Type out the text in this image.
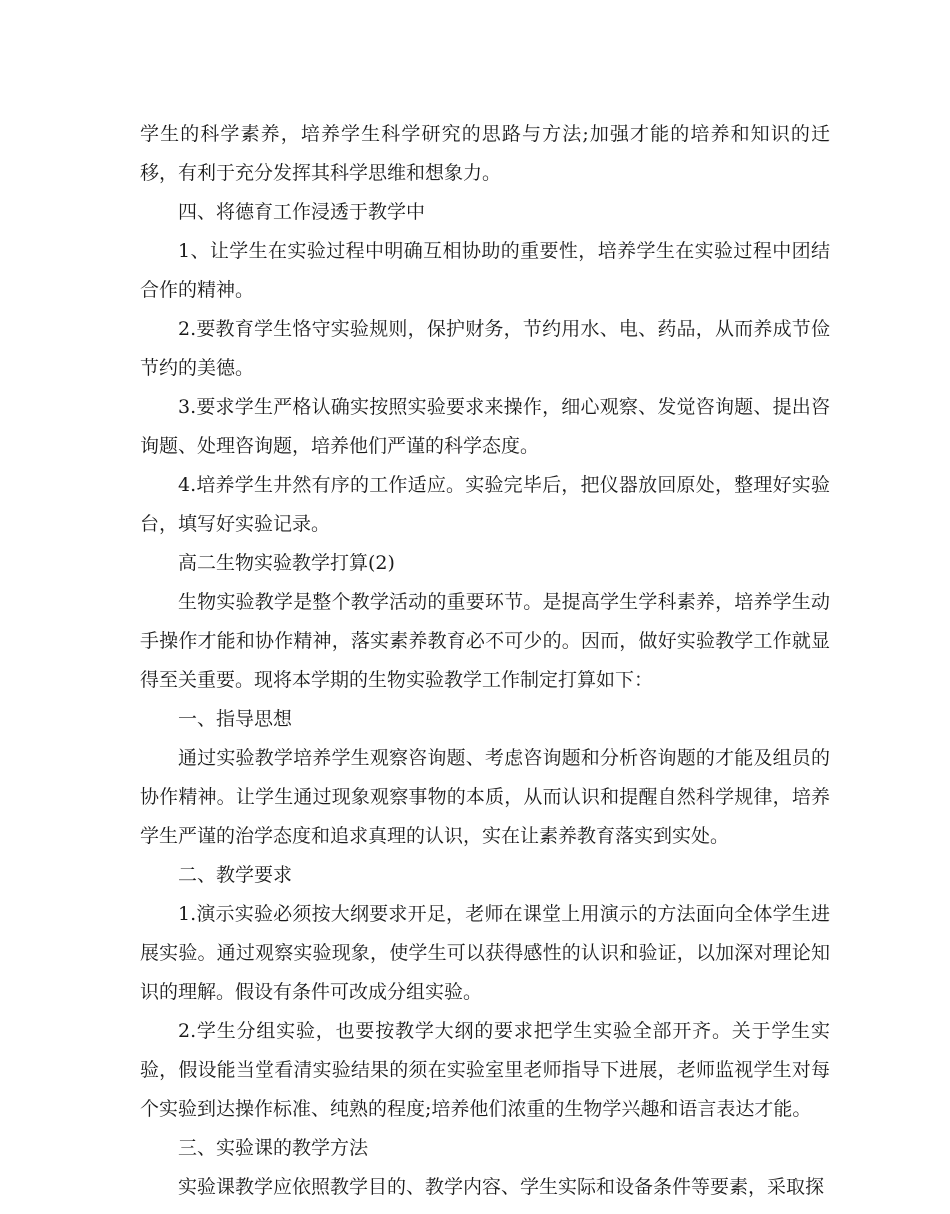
学生的科学素养，培养学生科学研究的思路与方法;加强才能的培养和知识的迁移，有利于充分发挥其科学思维和想象力。

四、将德育工作浸透于教学中

1、让学生在实验过程中明确互相协助的重要性，培养学生在实验过程中团结合作的精神。

2.要教育学生恪守实验规则，保护财务，节约用水、电、药品，从而养成节俭节约的美德。

3.要求学生严格认确实按照实验要求来操作，细心观察、发觉咨询题、提出咨询题、处理咨询题，培养他们严谨的科学态度。

4.培养学生井然有序的工作适应。实验完毕后，把仪器放回原处，整理好实验台，填写好实验记录。

高二生物实验教学打算(2)

生物实验教学是整个教学活动的重要环节。是提高学生学科素养，培养学生动手操作才能和协作精神，落实素养教育必不可少的。因而，做好实验教学工作就显得至关重要。现将本学期的生物实验教学工作制定打算如下：

一、指导思想

通过实验教学培养学生观察咨询题、考虑咨询题和分析咨询题的才能及组员的协作精神。让学生通过现象观察事物的本质，从而认识和提醒自然科学规律，培养学生严谨的治学态度和追求真理的认识，实在让素养教育落实到实处。

二、教学要求

1.演示实验必须按大纲要求开足，老师在课堂上用演示的方法面向全体学生进展实验。通过观察实验现象，使学生可以获得感性的认识和验证，以加深对理论知识的理解。假设有条件可改成分组实验。

2.学生分组实验，也要按教学大纲的要求把学生实验全部开齐。关于学生实验，假设能当堂看清实验结果的须在实验室里老师指导下进展，老师监视学生对每个实验到达操作标准、纯熟的程度;培养他们浓重的生物学兴趣和语言表达才能。

三、实验课的教学方法

实验课教学应依照教学目的、教学内容、学生实际和设备条件等要素，采取探
